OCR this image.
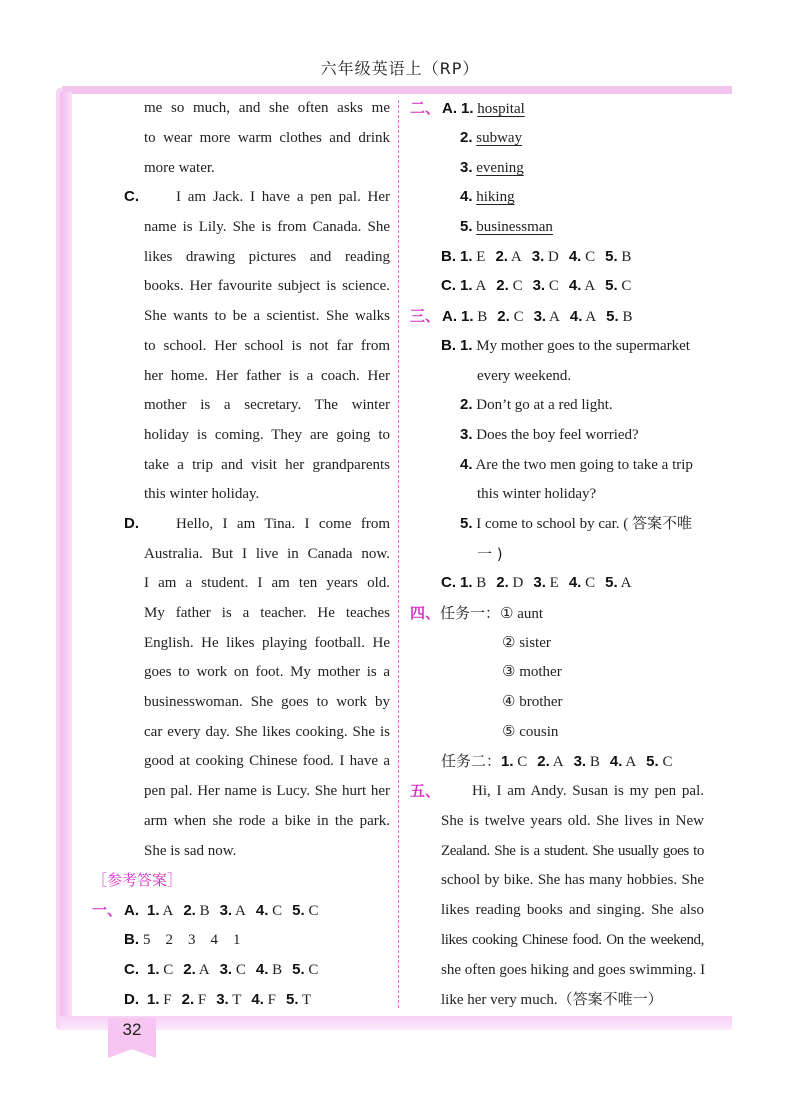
六年级英语上（RP）
32
me so much, and she often asks me
to wear more warm clothes and drink
more water.
C. I am Jack. I have a pen pal. Her
name is Lily. She is from Canada. She
likes drawing pictures and reading
books. Her favourite subject is science.
She wants to be a scientist. She walks
to school. Her school is not far from
her home. Her father is a coach. Her
mother is a secretary. The winter
holiday is coming. They are going to
take a trip and visit her grandparents
this winter holiday.
D. Hello, I am Tina. I come from
Australia. But I live in Canada now.
I am a student. I am ten years old.
My father is a teacher. He teaches
English. He likes playing football. He
goes to work on foot. My mother is a
businesswoman. She goes to work by
car every day. She likes cooking. She is
good at cooking Chinese food. I have a
pen pal. Her name is Lucy. She hurt her
arm when she rode a bike in the park.
She is sad now.
［参考答案］
一、 A. 1. A 2. B 3. A 4. C 5. C
B. 5　2　3　4　1
C. 1. C 2. A 3. C 4. B 5. C
D. 1. F 2. F 3. T 4. F 5. T
二、 A. 1. hospital
2. subway
3. evening
4. hiking
5. businessman
B. 1. E 2. A 3. D 4. C 5. B
C. 1. A 2. C 3. C 4. A 5. C
三、 A. 1. B 2. C 3. A 4. A 5. B
B. 1. My mother goes to the supermarket
every weekend.
2. Don’t go at a red light.
3. Does the boy feel worried?
4. Are the two men going to take a trip
this winter holiday?
5. I come to school by car. ( 答案不唯
一 )
C. 1. B 2. D 3. E 4. C 5. A
四、任务一：① aunt
② sister
③ mother
④ brother
⑤ cousin
任务二：1. C 2. A 3. B 4. A 5. C
五、 Hi, I am Andy. Susan is my pen pal.
She is twelve years old. She lives in New
Zealand. She is a student. She usually goes to
school by bike. She has many hobbies. She
likes reading books and singing. She also
likes cooking Chinese food. On the weekend,
she often goes hiking and goes swimming. I
like her very much.（答案不唯一）
